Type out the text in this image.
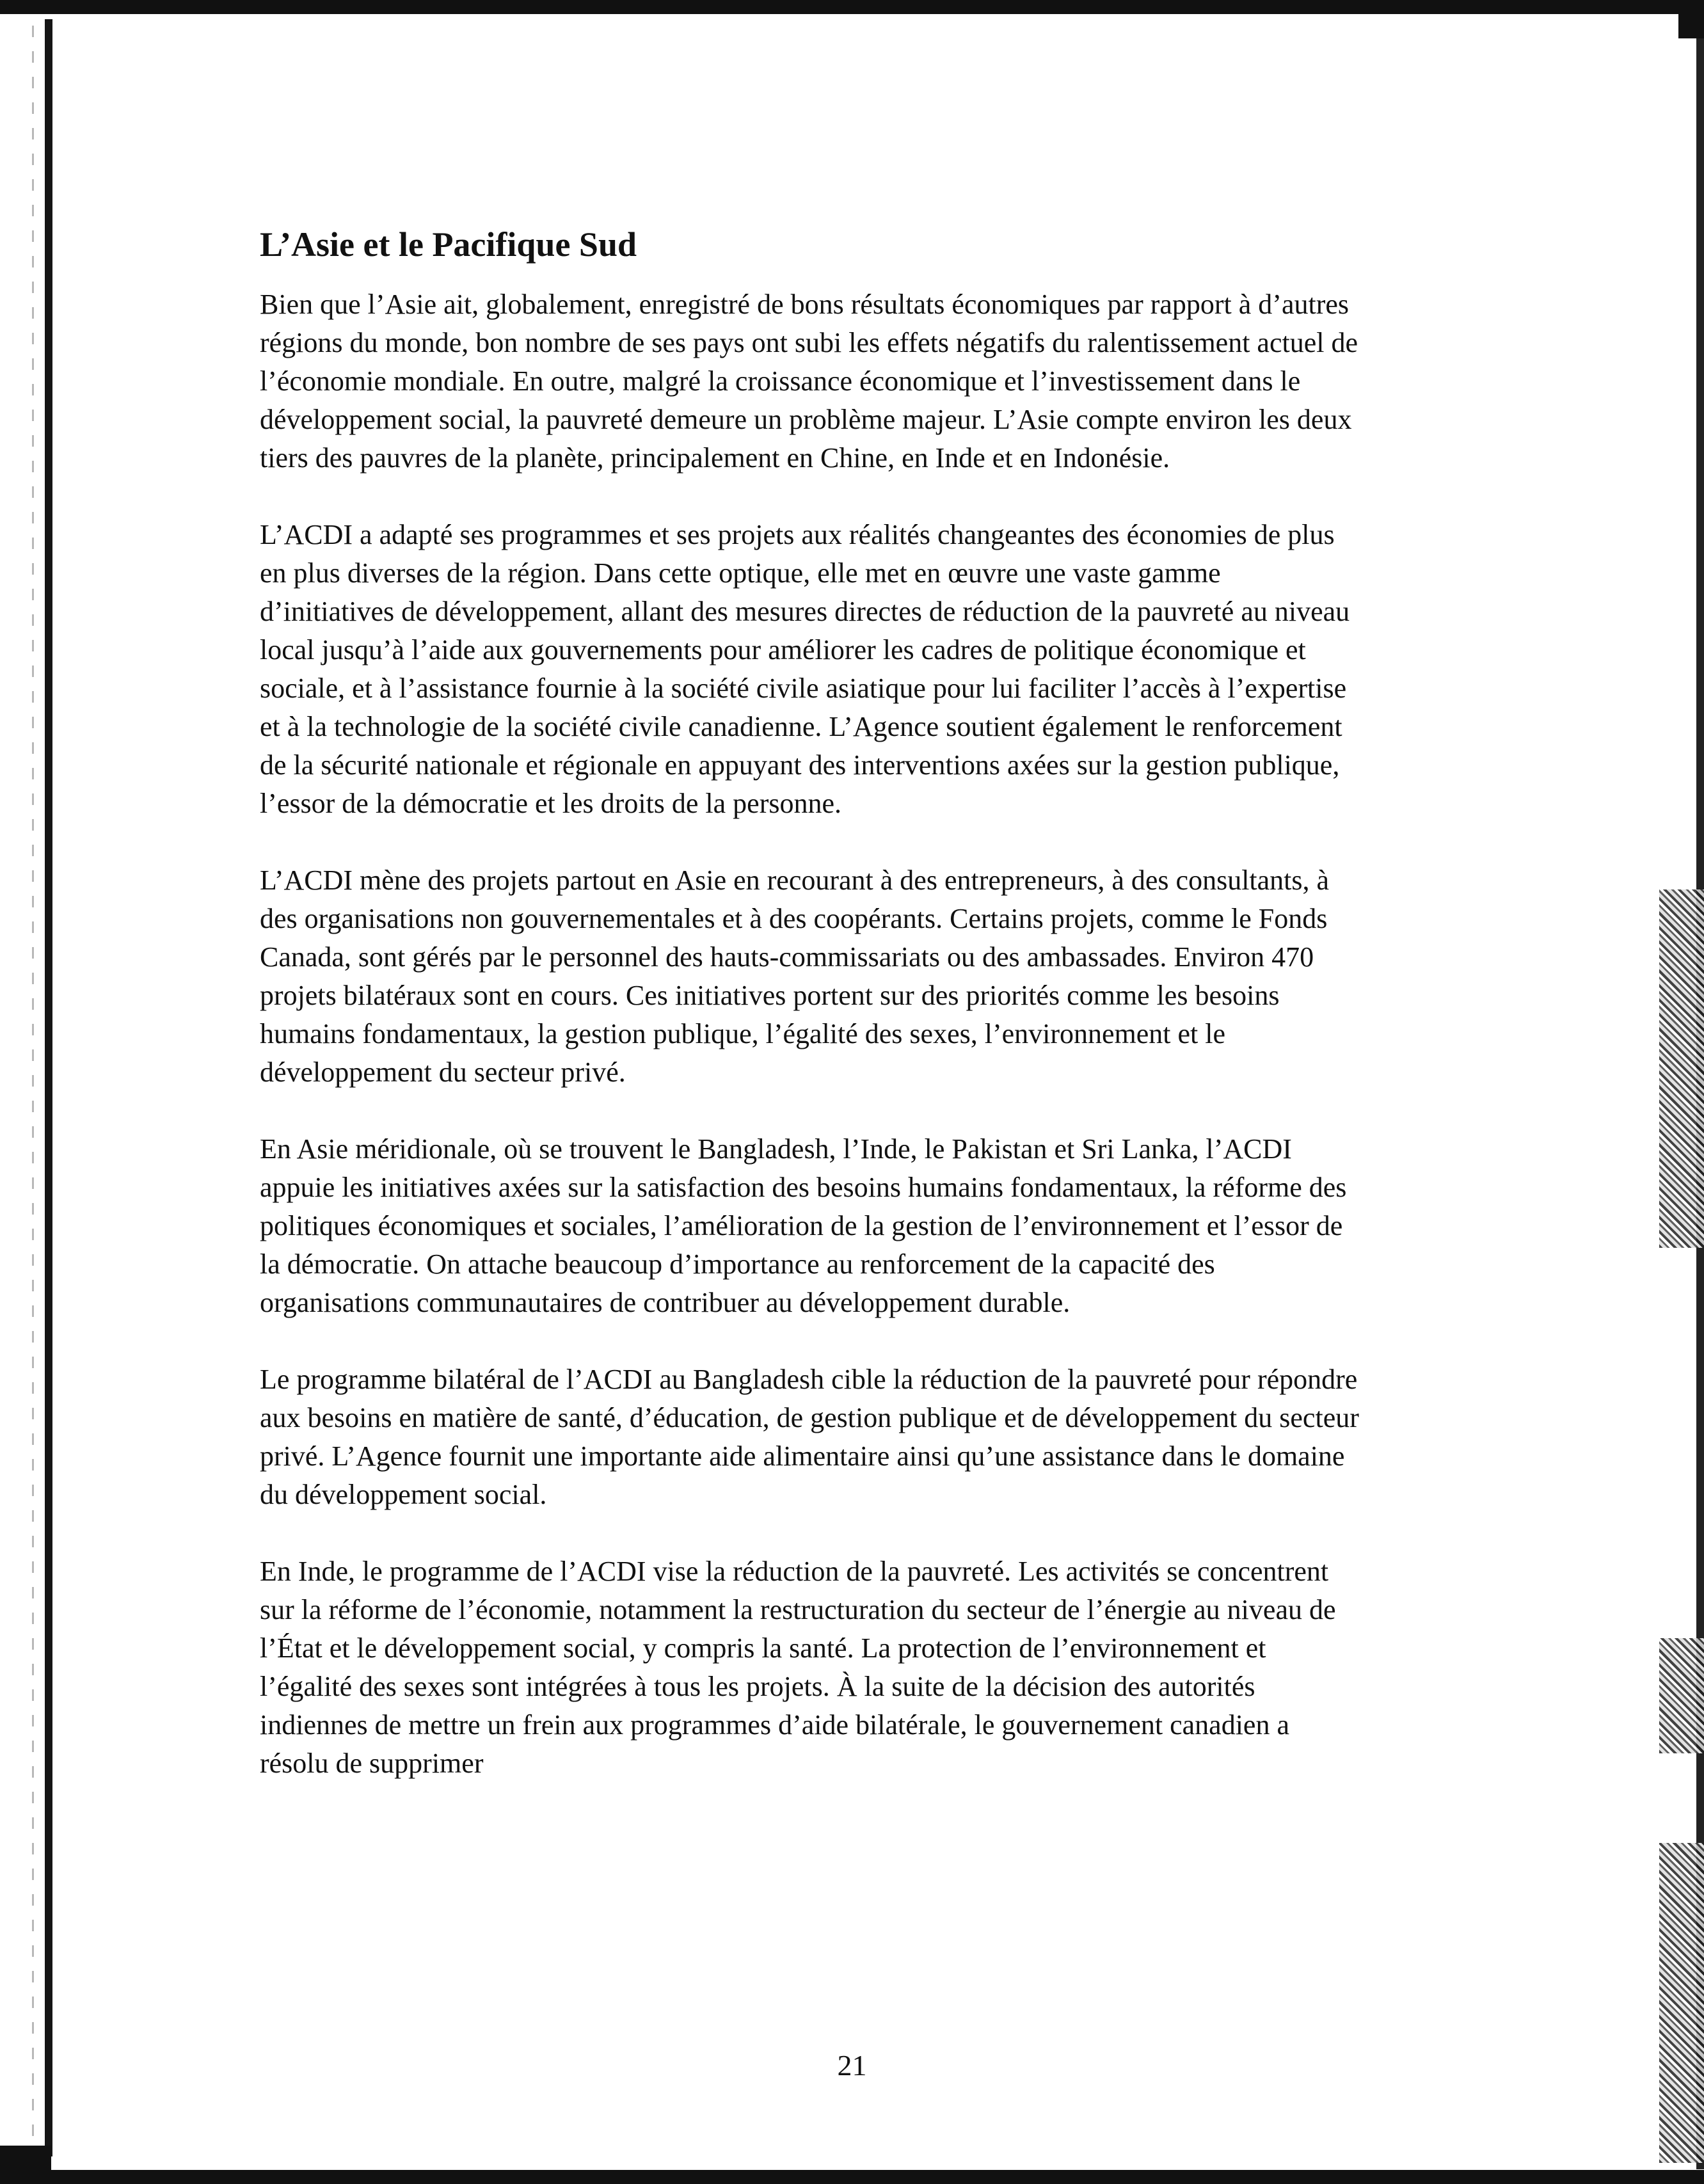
L’Asie et le Pacifique Sud

Bien que l’Asie ait, globalement, enregistré de bons résultats économiques par rapport à d’autres régions du monde, bon nombre de ses pays ont subi les effets négatifs du ralentissement actuel de l’économie mondiale. En outre, malgré la croissance économique et l’investissement dans le développement social, la pauvreté demeure un problème majeur. L’Asie compte environ les deux tiers des pauvres de la planète, principalement en Chine, en Inde et en Indonésie.

L’ACDI a adapté ses programmes et ses projets aux réalités changeantes des économies de plus en plus diverses de la région. Dans cette optique, elle met en œuvre une vaste gamme d’initiatives de développement, allant des mesures directes de réduction de la pauvreté au niveau local jusqu’à l’aide aux gouvernements pour améliorer les cadres de politique économique et sociale, et à l’assistance fournie à la société civile asiatique pour lui faciliter l’accès à l’expertise et à la technologie de la société civile canadienne. L’Agence soutient également le renforcement de la sécurité nationale et régionale en appuyant des interventions axées sur la gestion publique, l’essor de la démocratie et les droits de la personne.

L’ACDI mène des projets partout en Asie en recourant à des entrepreneurs, à des consultants, à des organisations non gouvernementales et à des coopérants. Certains projets, comme le Fonds Canada, sont gérés par le personnel des hauts-commissariats ou des ambassades. Environ 470 projets bilatéraux sont en cours. Ces initiatives portent sur des priorités comme les besoins humains fondamentaux, la gestion publique, l’égalité des sexes, l’environnement et le développement du secteur privé.

En Asie méridionale, où se trouvent le Bangladesh, l’Inde, le Pakistan et Sri Lanka, l’ACDI appuie les initiatives axées sur la satisfaction des besoins humains fondamentaux, la réforme des politiques économiques et sociales, l’amélioration de la gestion de l’environnement et l’essor de la démocratie. On attache beaucoup d’importance au renforcement de la capacité des organisations communautaires de contribuer au développement durable.

Le programme bilatéral de l’ACDI au Bangladesh cible la réduction de la pauvreté pour répondre aux besoins en matière de santé, d’éducation, de gestion publique et de développement du secteur privé. L’Agence fournit une importante aide alimentaire ainsi qu’une assistance dans le domaine du développement social.

En Inde, le programme de l’ACDI vise la réduction de la pauvreté. Les activités se concentrent sur la réforme de l’économie, notamment la restructuration du secteur de l’énergie au niveau de l’État et le développement social, y compris la santé. La protection de l’environnement et l’égalité des sexes sont intégrées à tous les projets. À la suite de la décision des autorités indiennes de mettre un frein aux programmes d’aide bilatérale, le gouvernement canadien a résolu de supprimer

21
